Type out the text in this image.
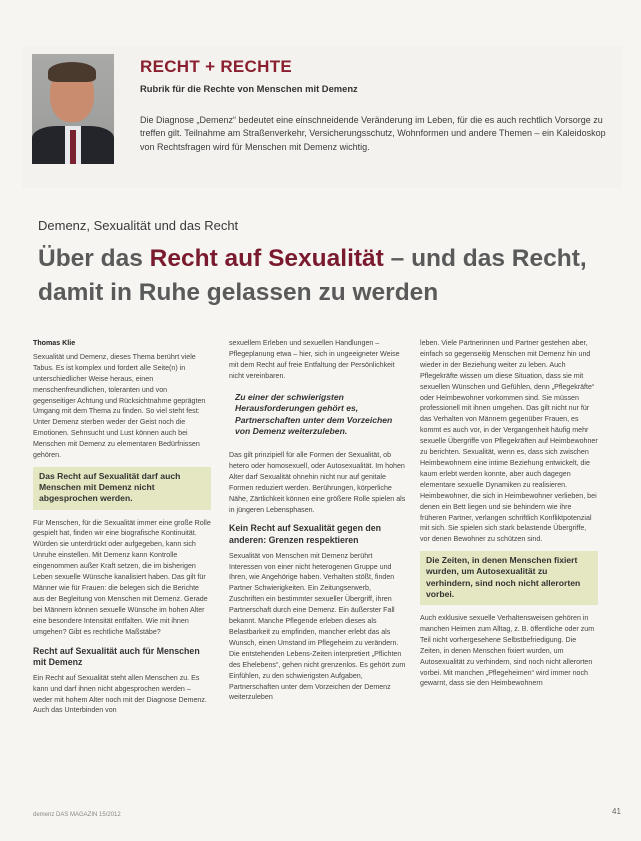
RECHT + RECHTE
Rubrik für die Rechte von Menschen mit Demenz
Die Diagnose „Demenz“ bedeutet eine einschneidende Veränderung im Leben, für die es auch rechtlich Vorsorge zu treffen gilt. Teilnahme am Straßenverkehr, Versicherungsschutz, Wohnformen und andere Themen – ein Kaleidoskop von Rechtsfragen wird für Menschen mit Demenz wichtig.
Demenz, Sexualität und das Recht
Über das Recht auf Sexualität – und das Recht, damit in Ruhe gelassen zu werden

Thomas Klie

Sexualität und Demenz, dieses Thema berührt viele Tabus. Es ist komplex und fordert alle Seite(n) in unterschiedlicher Weise heraus, einen menschenfreundlichen, toleranten und von gegenseitiger Achtung und Rücksichtnahme geprägten Umgang mit dem Thema zu finden. So viel steht fest: Unter Demenz sterben weder der Geist noch die Emotionen. Sehnsucht und Lust können auch bei Menschen mit Demenz zu elementaren Bedürfnissen gehören.

Das Recht auf Sexualität darf auch Menschen mit Demenz nicht abgesprochen werden.

Für Menschen, für die Sexualität immer eine große Rolle gespielt hat, finden wir eine biografische Kontinuität. Würden sie unterdrückt oder aufgegeben, kann sich Unruhe einstellen. Mit Demenz kann Kontrolle eingenommen außer Kraft setzen, die im bisherigen Leben sexuelle Wünsche kanalisiert haben. Das gilt für Männer wie für Frauen: die belegen sich die Berichte aus der Begleitung von Menschen mit Demenz. Gerade bei Männern können sexuelle Wünsche im hohen Alter eine besondere Intensität entfalten. Wie mit ihnen umgehen? Gibt es rechtliche Maßstäbe?

Recht auf Sexualität auch für Menschen mit Demenz

Ein Recht auf Sexualität steht allen Menschen zu. Es kann und darf ihnen nicht abgesprochen werden – weder mit hohem Alter noch mit der Diagnose Demenz. Auch das Unterbinden von

sexuellem Erleben und sexuellen Handlungen – Pflegeplanung etwa – hier, sich in ungeeigneter Weise mit dem Recht auf freie Entfaltung der Persönlichkeit nicht vereinbaren.

Zu einer der schwierigsten Herausforderungen gehört es, Partnerschaften unter dem Vorzeichen von Demenz weiterzuleben.

Das gilt prinzipiell für alle Formen der Sexualität, ob hetero oder homosexuell, oder Autosexualität. Im hohen Alter darf Sexualität ohnehin nicht nur auf genitale Formen reduziert werden. Berührungen, körperliche Nähe, Zärtlichkeit können eine größere Rolle spielen als in jüngeren Lebensphasen.

Kein Recht auf Sexualität gegen den anderen: Grenzen respektieren

Sexualität von Menschen mit Demenz berührt Interessen von einer nicht heterogenen Gruppe und Ihren, wie Angehörige haben. Verhalten stößt, finden Partner Schwierigkeiten. Ein Zeitungserwerb, Zuschriften ein bestimmter sexueller Übergriff, ihren Partnerschaft durch eine Demenz. Ein äußerster Fall bekannt. Manche Pflegende erleben dieses als Belastbarkeit zu empfinden, mancher erlebt das als Wunsch, einen Umstand im Pflegeheim zu verändern. Die entstehenden Lebens-Zeiten interpretiert „Pflichten des Ehelebens“, gehen nicht grenzenlos. Es gehört zum Einfühlen, zu den schwierigsten Aufgaben, Partnerschaften unter dem Vorzeichen der Demenz weiterzuleben

leben. Viele Partnerinnen und Partner gestehen aber, einfach so gegenseitig Menschen mit Demenz hin und wieder in der Beziehung weiter zu leben. Auch Pflegekräfte wissen um diese Situation, dass sie mit sexuellen Wünschen und Gefühlen, denn „Pflegekräfte“ oder Heimbewohner vorkommen sind. Sie müssen professionell mit ihnen umgehen. Das gilt nicht nur für das Verhalten von Männern gegenüber Frauen, es kommt es auch vor, in der Vergangenheit häufig mehr sexuelle Übergriffe von Pflegekräften auf Heimbewohner zu berichten. Sexualität, wenn es, dass sich zwischen Heimbewohnern eine intime Beziehung entwickelt, die kaum erlebt werden konnte, aber auch dagegen elementare sexuelle Dynamiken zu realisieren. Heimbewohner, die sich in Heimbewohner verlieben, bei denen ein Bett liegen und sie behindern wie ihre früheren Partner, verlangen schriftlich Konfliktpotenzial mit sich. Sie spielen sich stark belastende Übergriffe, vor denen Bewohner zu schützen sind.

Die Zeiten, in denen Menschen fixiert wurden, um Autosexualität zu verhindern, sind noch nicht allerorten vorbei.

Auch exklusive sexuelle Verhaltensweisen gehören in manchen Heimen zum Alltag, z. B. öffentliche oder zum Teil nicht vorhergesehene Selbstbefriedigung. Die Zeiten, in denen Menschen fixiert wurden, um Autosexualität zu verhindern, sind noch nicht allerorten vorbei. Mit manchen „Pflegeheimen“ wird immer noch gewarnt, dass sie den Heimbewohnern

demenz DAS MAGAZIN 15/2012	41
